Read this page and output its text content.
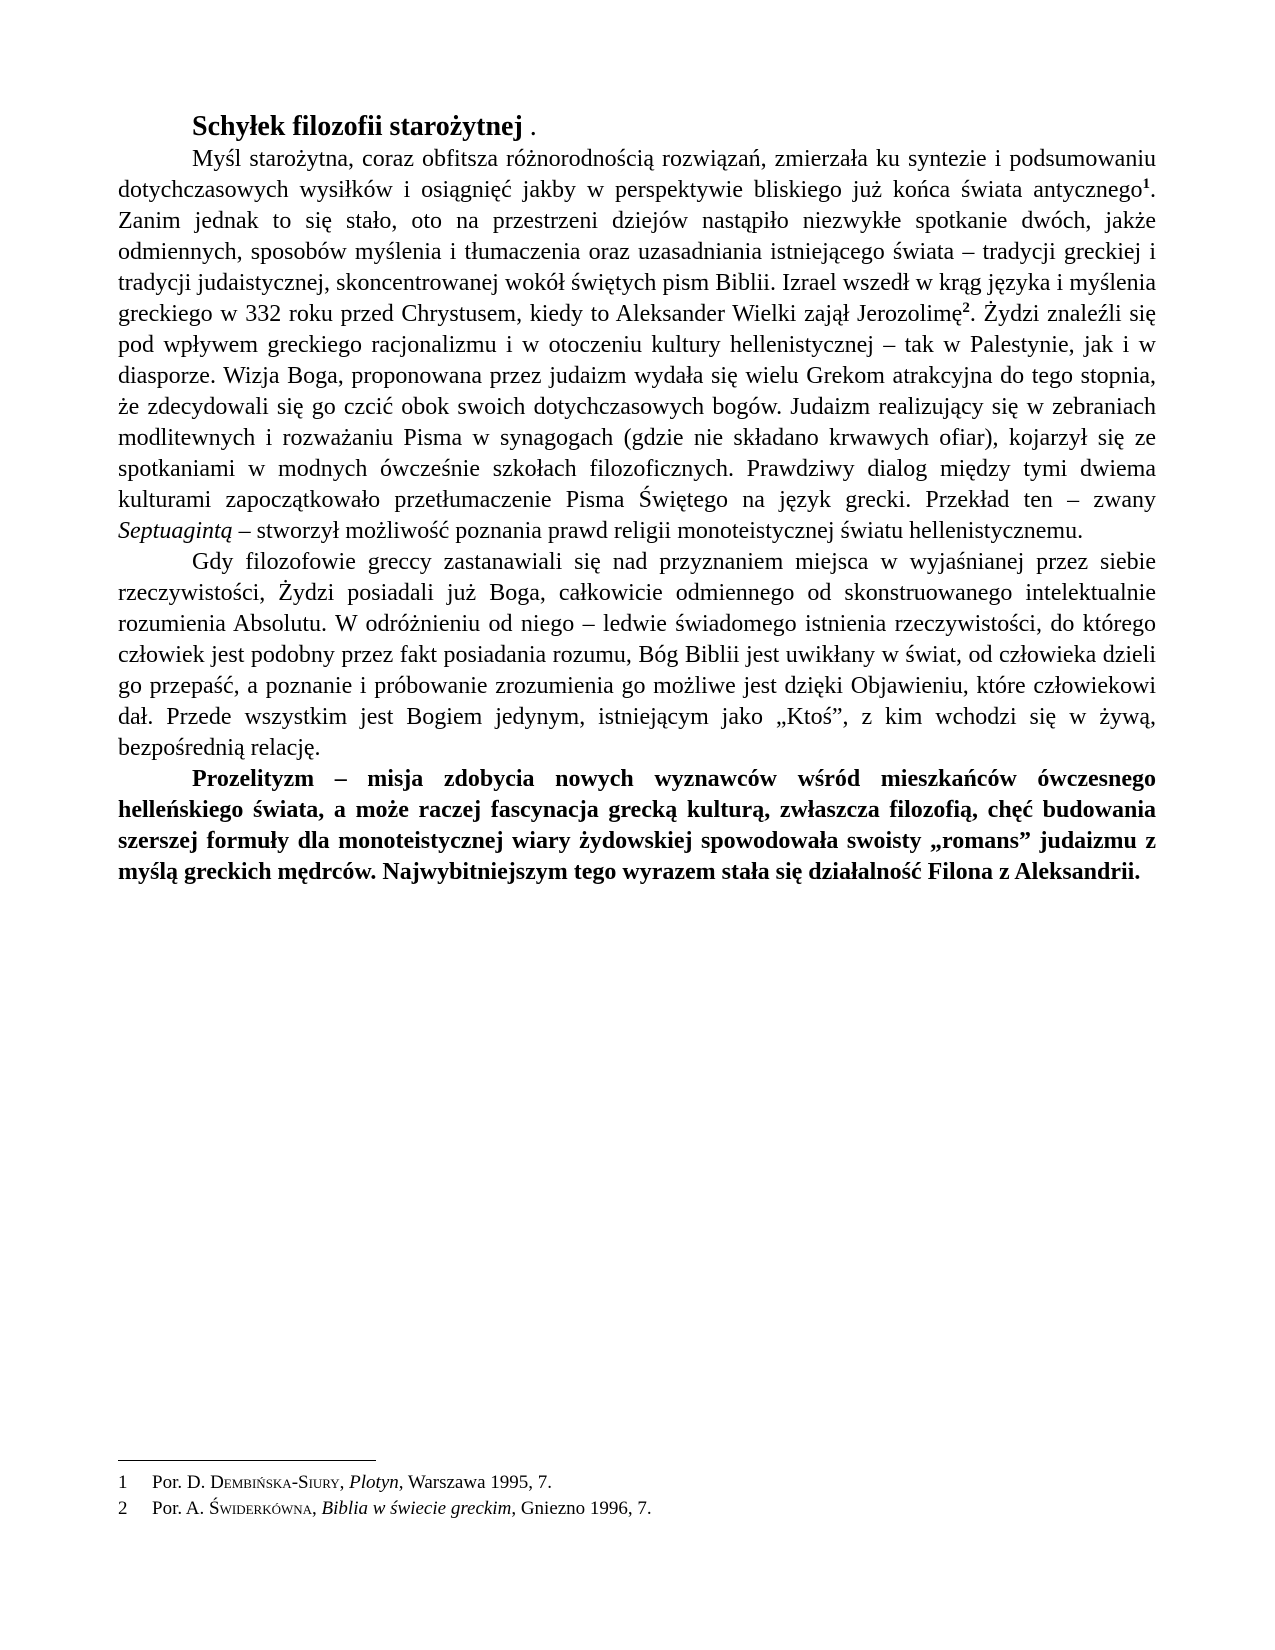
Schyłek filozofii starożytnej .

Myśl starożytna, coraz obfitsza różnorodnością rozwiązań, zmierzała ku syntezie i podsumowaniu dotychczasowych wysiłków i osiągnięć jakby w perspektywie bliskiego już końca świata antycznego$^1$. Zanim jednak to się stało, oto na przestrzeni dziejów nastąpiło niezwykłe spotkanie dwóch, jakże odmiennych, sposobów myślenia i tłumaczenia oraz uzasadniania istniejącego świata – tradycji greckiej i tradycji judaistycznej, skoncentrowanej wokół świętych pism Biblii. Izrael wszedł w krąg języka i myślenia greckiego w 332 roku przed Chrystusem, kiedy to Aleksander Wielki zajął Jerozolimę$^2$. Żydzi znaleźli się pod wpływem greckiego racjonalizmu i w otoczeniu kultury hellenistycznej – tak w Palestynie, jak i w diasporze. Wizja Boga, proponowana przez judaizm wydała się wielu Grekom atrakcyjna do tego stopnia, że zdecydowali się go czcić obok swoich dotychczasowych bogów. Judaizm realizujący się w zebraniach modlitewnych i rozważaniu Pisma w synagogach (gdzie nie składano krwawych ofiar), kojarzył się ze spotkaniami w modnych ówcześnie szkołach filozoficznych. Prawdziwy dialog między tymi dwiema kulturami zapoczątkowało przetłumaczenie Pisma Świętego na język grecki. Przekład ten – zwany Septuagintą – stworzył możliwość poznania prawd religii monoteistycznej światu hellenistycznemu.

Gdy filozofowie greccy zastanawiali się nad przyznaniem miejsca w wyjaśnianej przez siebie rzeczywistości, Żydzi posiadali już Boga, całkowicie odmiennego od skonstruowanego intelektualnie rozumienia Absolutu. W odróżnieniu od niego – ledwie świadomego istnienia rzeczywistości, do którego człowiek jest podobny przez fakt posiadania rozumu, Bóg Biblii jest uwikłany w świat, od człowieka dzieli go przepaść, a poznanie i próbowanie zrozumienia go możliwe jest dzięki Objawieniu, które człowiekowi dał. Przede wszystkim jest Bogiem jedynym, istniejącym jako „Ktoś”, z kim wchodzi się w żywą, bezpośrednią relację.

Prozelityzm – misja zdobycia nowych wyznawców wśród mieszkańców ówczesnego helleńskiego świata, a może raczej fascynacja grecką kulturą, zwłaszcza filozofią, chęć budowania szerszej formuły dla monoteistycznej wiary żydowskiej spowodowała swoisty „romans” judaizmu z myślą greckich mędrców. Najwybitniejszym tego wyrazem stała się działalność Filona z Aleksandrii.

1	Por. D. Dembińska-Siury, Plotyn, Warszawa 1995, 7.
2	Por. A. Świderkówna, Biblia w świecie greckim, Gniezno 1996, 7.
